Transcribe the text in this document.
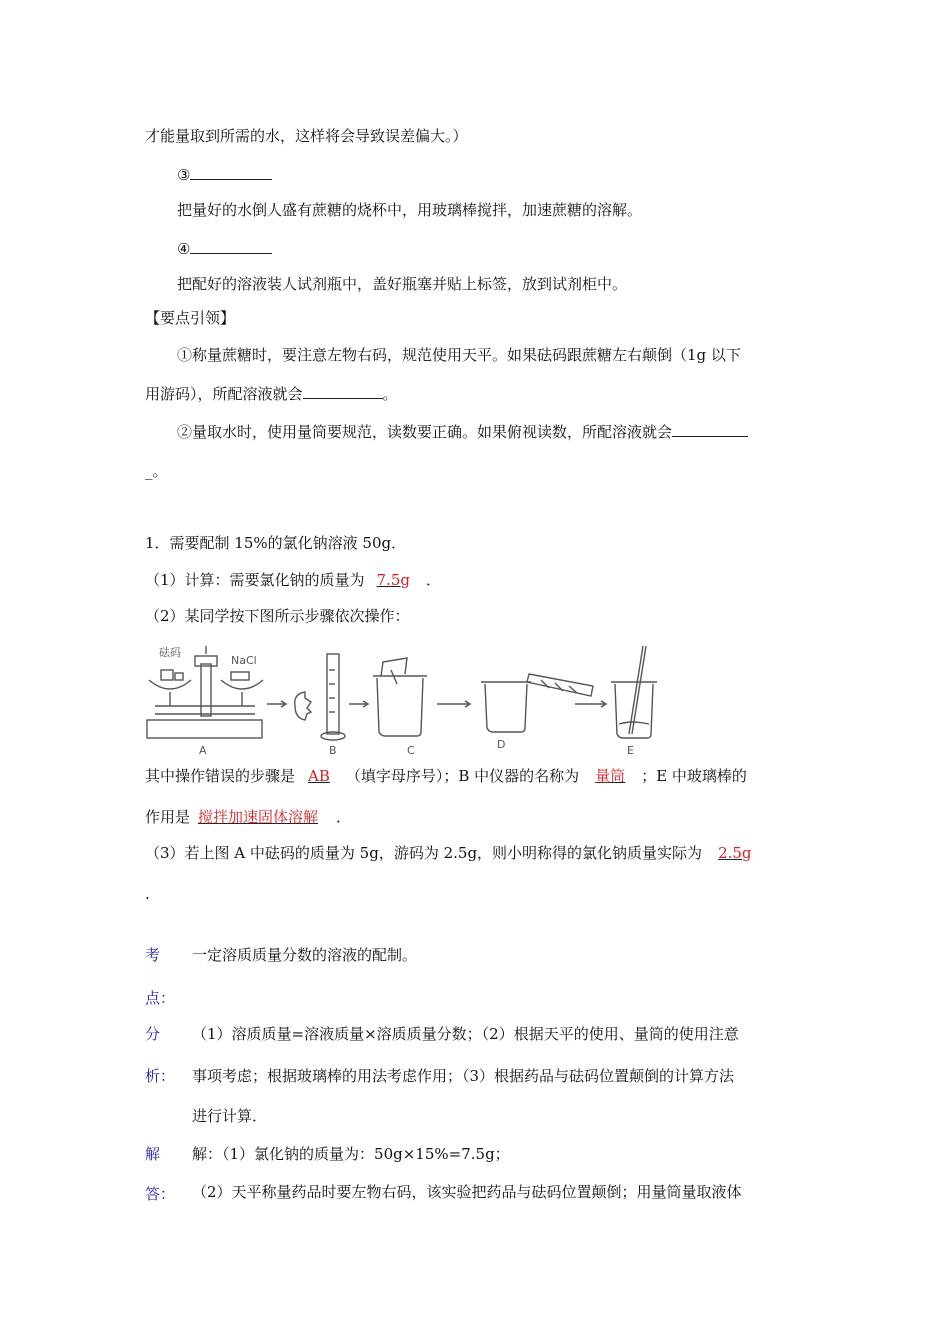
才能量取到所需的水，这样将会导致误差偏大。）
③
把量好的水倒人盛有蔗糖的烧杯中，用玻璃棒搅拌，加速蔗糖的溶解。
④
把配好的溶液装人试剂瓶中，盖好瓶塞并贴上标签，放到试剂柜中。
【要点引领】
①称量蔗糖时，要注意左物右码，规范使用天平。如果砝码跟蔗糖左右颠倒（1g 以下
用游码），所配溶液就会	。
②量取水时，使用量筒要规范，读数要正确。如果俯视读数，所配溶液就会
_。
1．需要配制 15%的氯化钠溶液 50g．
（1）计算：需要氯化钠的质量为 7.5g ．
（2）某同学按下图所示步骤依次操作：
砝码
NaCl
A	B	C	D	E
其中操作错误的步骤是 AB （填字母序号）；B 中仪器的名称为 量筒 ；E 中玻璃棒的
作用是 搅拌加速固体溶解 ．
（3）若上图 A 中砝码的质量为 5g，游码为 2.5g，则小明称得的氯化钠质量实际为 2.5g
.
考 一定溶质质量分数的溶液的配制。
点：
分 （1）溶质质量=溶液质量×溶质质量分数；（2）根据天平的使用、量筒的使用注意
析： 事项考虑；根据玻璃棒的用法考虑作用；（3）根据药品与砝码位置颠倒的计算方法
进行计算．
解 解：（1）氯化钠的质量为：50g×15%=7.5g；
答： （2）天平称量药品时要左物右码，该实验把药品与砝码位置颠倒；用量筒量取液体
